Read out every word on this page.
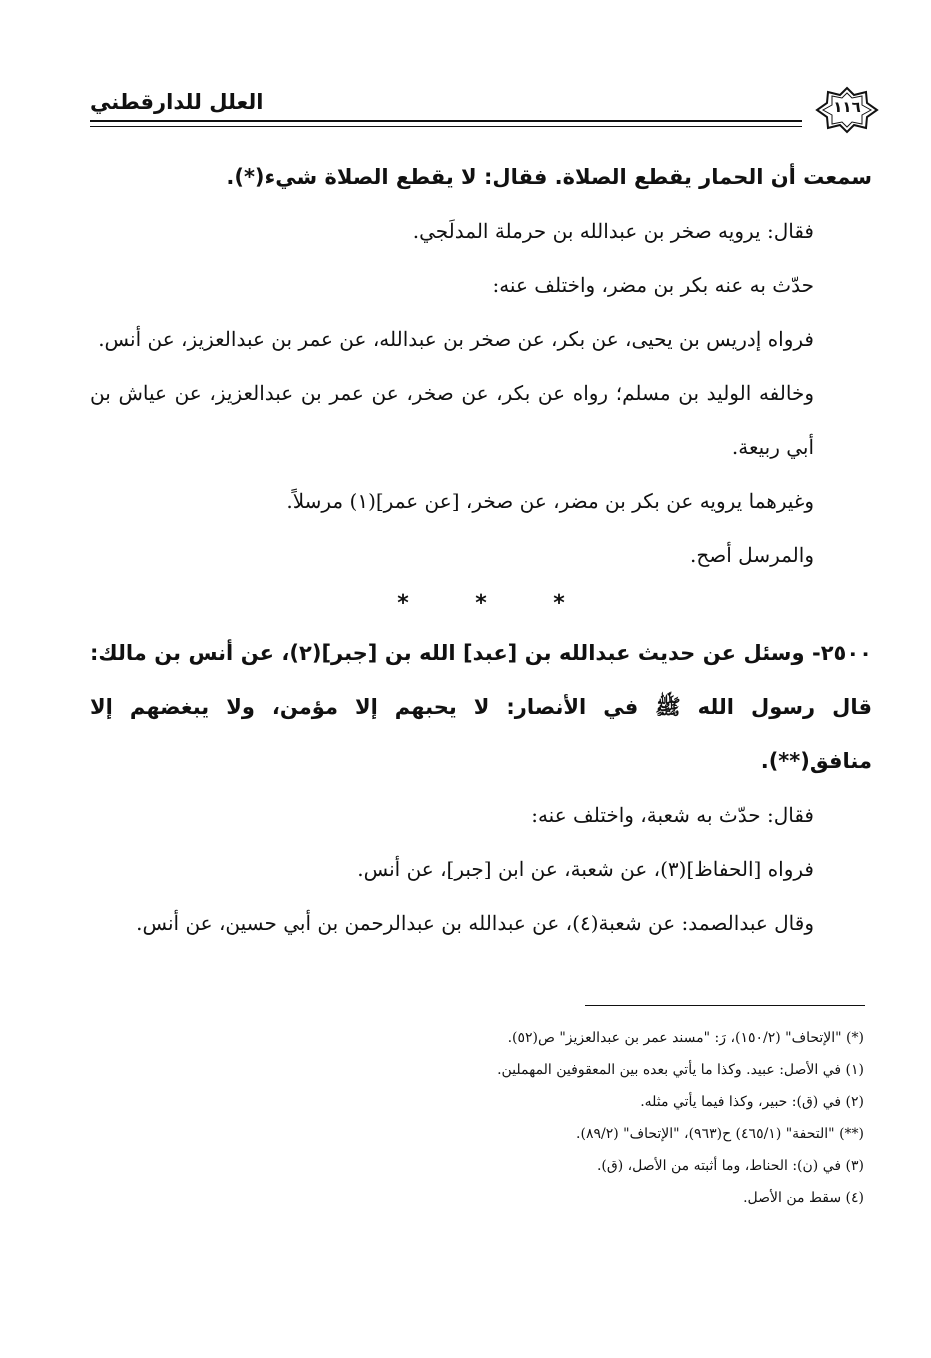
العلل للدارقطني	١١٦

سمعت أن الحمار يقطع الصلاة. فقال: لا يقطع الصلاة شيء(*).

فقال: يرويه صخر بن عبدالله بن حرملة المدلَجي.

حدّث به عنه بكر بن مضر، واختلف عنه:

فرواه إدريس بن يحيى، عن بكر، عن صخر بن عبدالله، عن عمر بن عبدالعزيز، عن أنس.

وخالفه الوليد بن مسلم؛ رواه عن بكر، عن صخر، عن عمر بن عبدالعزيز، عن عياش بن أبي ربيعة.

وغيرهما يرويه عن بكر بن مضر، عن صخر، [عن عمر](١) مرسلاً.

والمرسل أصح.

*	*	*

٢٥٠٠- وسئل عن حديث عبدالله بن [عبد] الله بن [جبر](٢)، عن أنس بن مالك: قال رسول الله ﷺ في الأنصار: لا يحبهم إلا مؤمن، ولا يبغضهم إلا منافق(**).

فقال: حدّث به شعبة، واختلف عنه:

فرواه [الحفاظ](٣)، عن شعبة، عن ابن [جبر]، عن أنس.

وقال عبدالصمد: عن شعبة(٤)، عن عبدالله بن عبدالرحمن بن أبي حسين، عن أنس.

(*) "الإتحاف" (١٥٠/٢)، رَ: "مسند عمر بن عبدالعزيز" ص(٥٢).

(١) في الأصل: عبيد. وكذا ما يأتي بعده بين المعقوفين المهملين.

(٢) في (ق): حبير، وكذا فيما يأتي مثله.

(**) "التحفة" (٤٦٥/١) ح(٩٦٣)، "الإتحاف" (٨٩/٢).

(٣) في (ن): الحناط، وما أثبته من الأصل، (ق).

(٤) سقط من الأصل.
